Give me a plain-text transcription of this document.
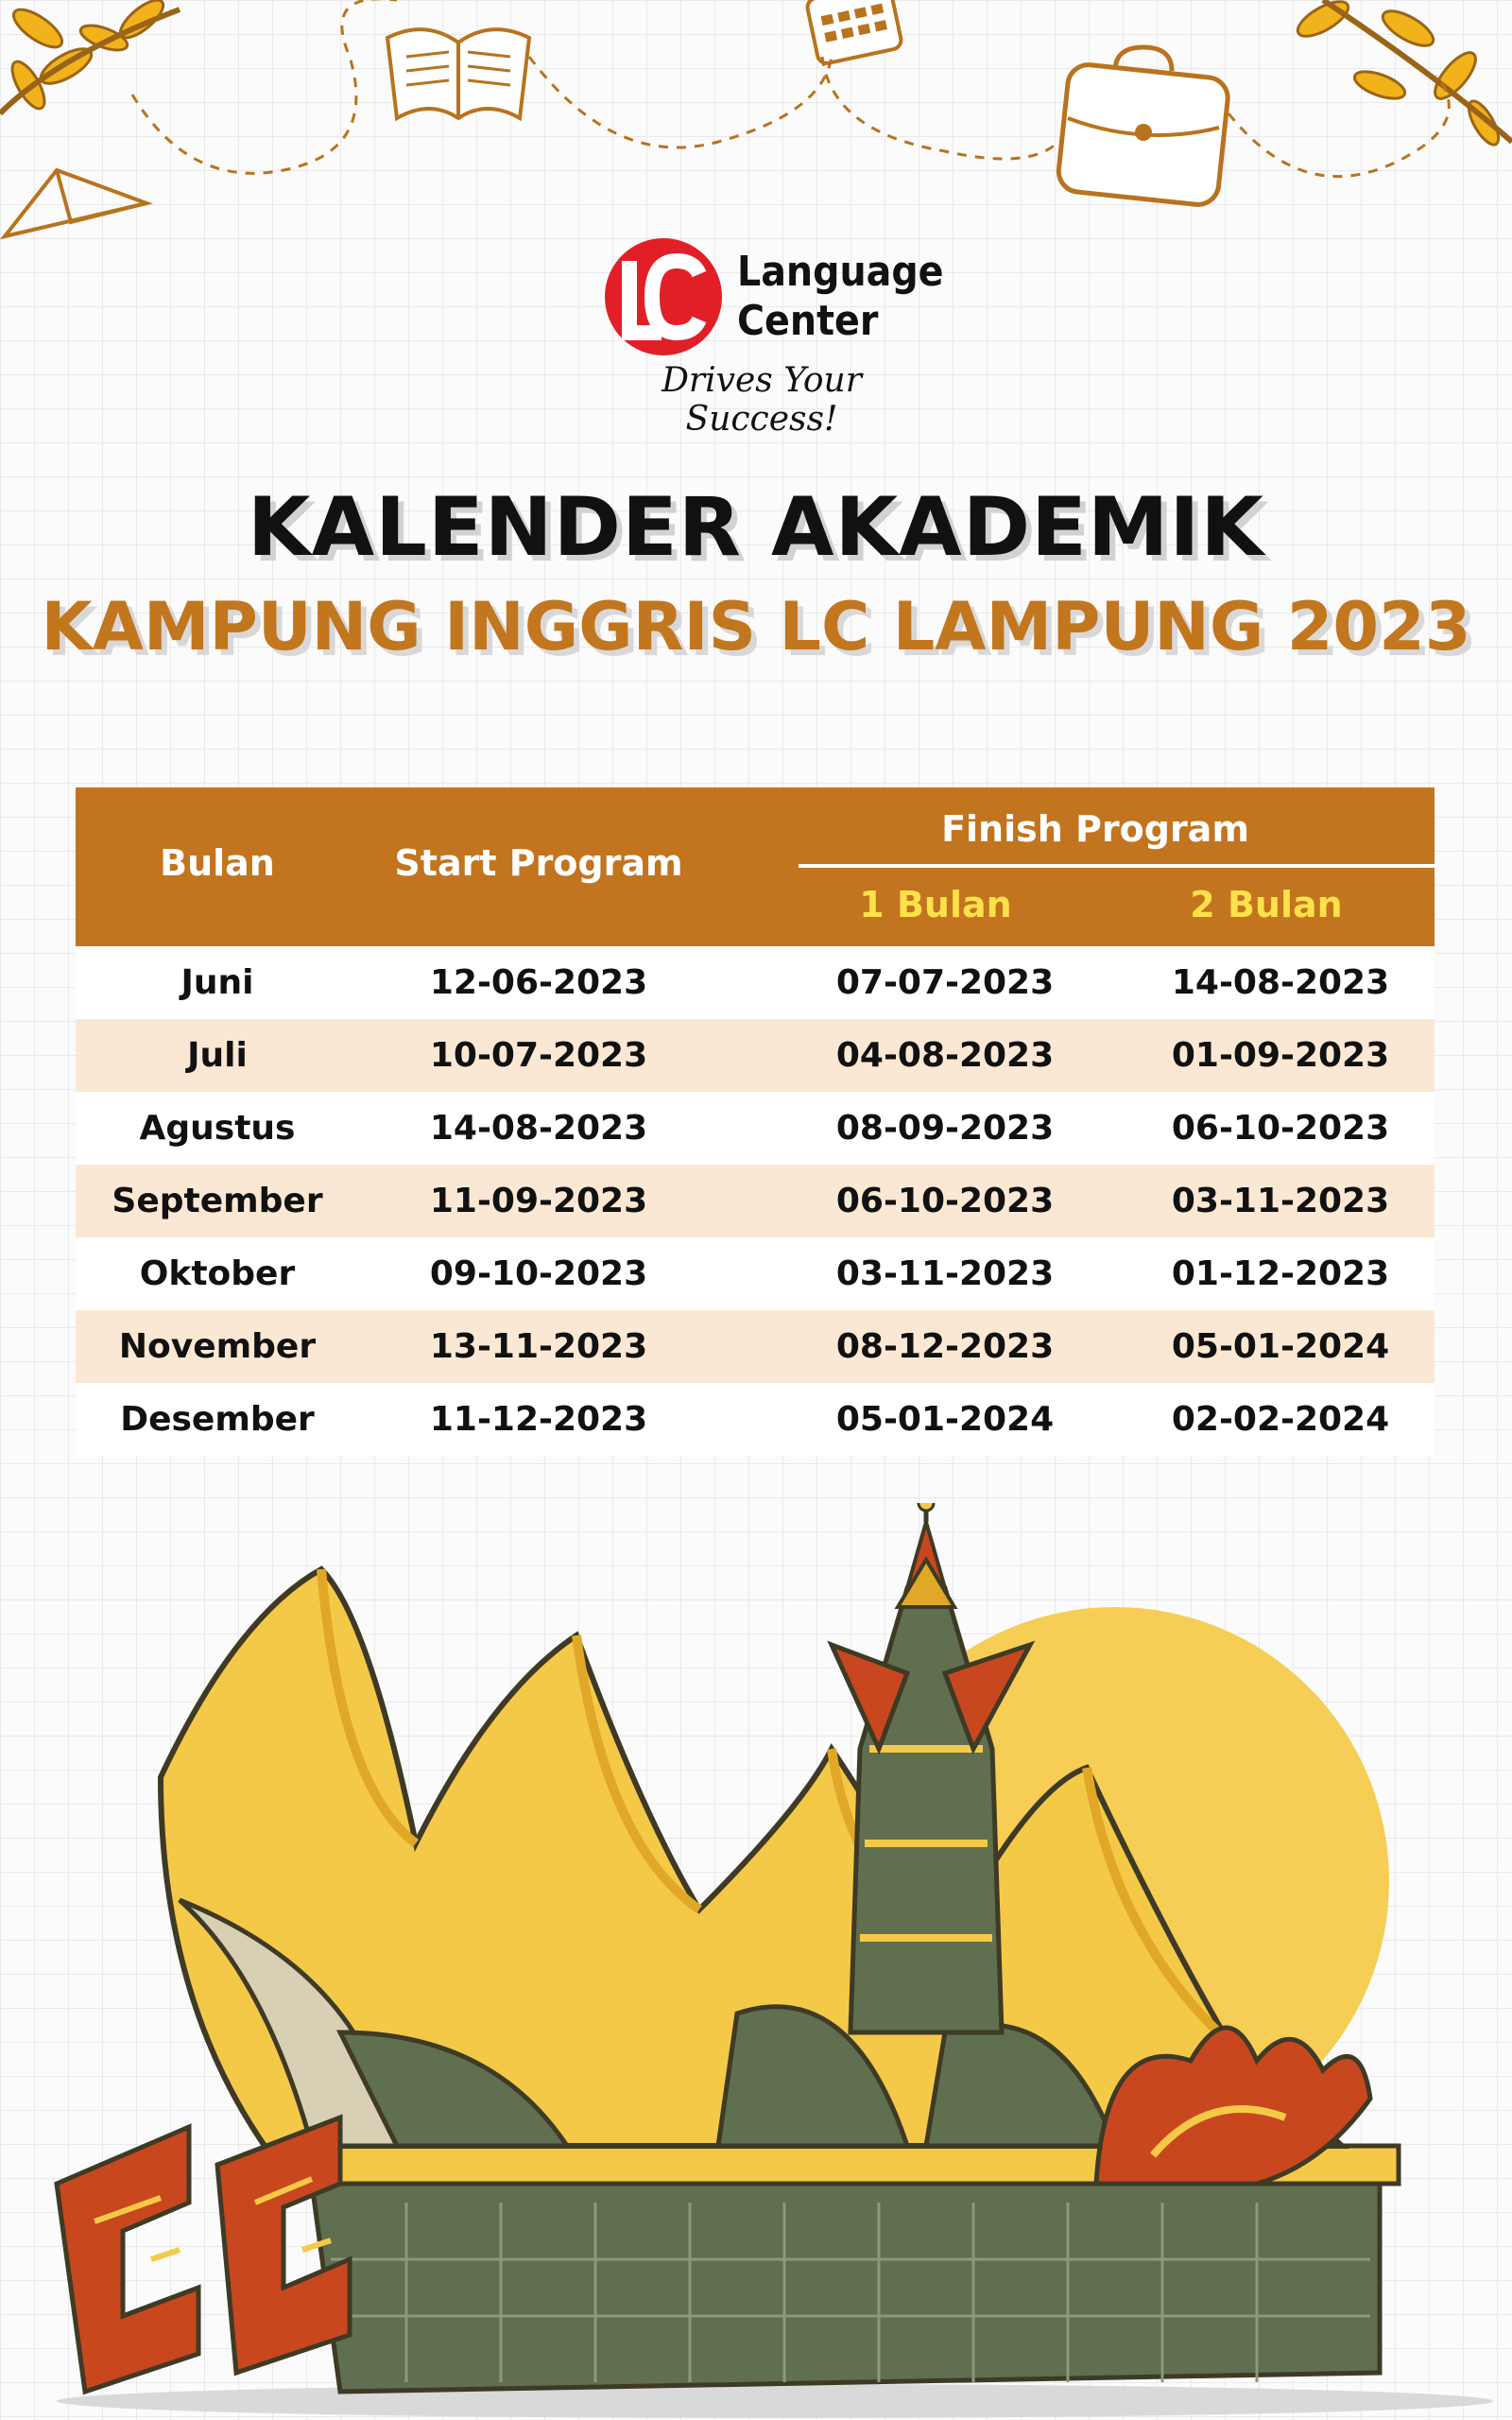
Language
Center
Drives Your Success!
KALENDER AKADEMIK
KAMPUNG INGGRIS LC LAMPUNG 2023
Bulan	Start Program
Finish Program
1 Bulan	2 Bulan
Juni	12-06-2023	07-07-2023	14-08-2023
Juli	10-07-2023	04-08-2023	01-09-2023
Agustus	14-08-2023	08-09-2023	06-10-2023
September	11-09-2023	06-10-2023	03-11-2023
Oktober	09-10-2023	03-11-2023	01-12-2023
November	13-11-2023	08-12-2023	05-01-2024
Desember	11-12-2023	05-01-2024	02-02-2024
